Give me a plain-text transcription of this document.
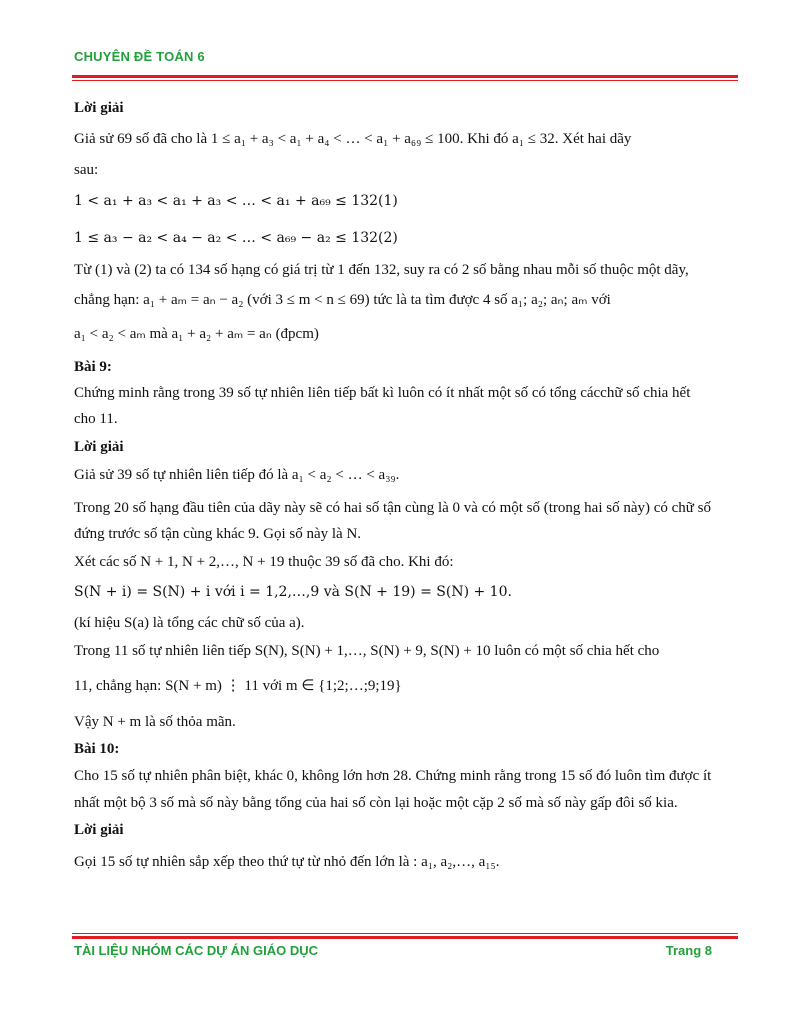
CHUYÊN ĐỀ TOÁN 6
Lời giải
Giả sử 69 số đã cho là 1 ≤ a₁ + a₃ < a₁ + a₄ < … < a₁ + a₆₉ ≤ 100. Khi đó a₁ ≤ 32. Xét hai dãy
sau:
1 < a₁ + a₃ < a₁ + a₃ < … < a₁ + a₆₉ ≤ 132(1)
1 ≤ a₃ − a₂ < a₄ − a₂ < … < a₆₉ − a₂ ≤ 132(2)
Từ (1) và (2) ta có 134 số hạng có giá trị từ 1 đến 132, suy ra có 2 số bằng nhau mỗi số thuộc một dãy,
chẳng hạn: a₁ + aₘ = aₙ − a₂ (với 3 ≤ m < n ≤ 69) tức là ta tìm được 4 số a₁; a₂; aₙ; aₘ với
a₁ < a₂ < aₘ mà a₁ + a₂ + aₘ = aₙ (đpcm)
Bài 9:
Chứng minh rằng trong 39 số tự nhiên liên tiếp bất kì luôn có ít nhất một số có tổng cácchữ số chia hết
cho 11.
Lời giải
Giả sử 39 số tự nhiên liên tiếp đó là a₁ < a₂ < … < a₃₉.
Trong 20 số hạng đầu tiên của dãy này sẽ có hai số tận cùng là 0 và có một số (trong hai số này) có chữ số
đứng trước số tận cùng khác 9. Gọi số này là N.
Xét các số N + 1, N + 2,…, N + 19 thuộc 39 số đã cho. Khi đó:
S(N + i) = S(N) + i với i = 1,2,…,9 và S(N + 19) = S(N) + 10.
(kí hiệu S(a) là tổng các chữ số của a).
Trong 11 số tự nhiên liên tiếp S(N), S(N) + 1,…, S(N) + 9, S(N) + 10 luôn có một số chia hết cho
11, chẳng hạn: S(N + m) ⋮ 11 với m ∈ {1;2;…;9;19}
Vậy N + m là số thỏa mãn.
Bài 10:
Cho 15 số tự nhiên phân biệt, khác 0, không lớn hơn 28. Chứng minh rằng trong 15 số đó luôn tìm được ít
nhất một bộ 3 số mà số này bằng tổng của hai số còn lại hoặc một cặp 2 số mà số này gấp đôi số kia.
Lời giải
Gọi 15 số tự nhiên sắp xếp theo thứ tự từ nhỏ đến lớn là : a₁, a₂,…, a₁₅.
TÀI LIỆU NHÓM CÁC DỰ ÁN GIÁO DỤC	Trang 8
